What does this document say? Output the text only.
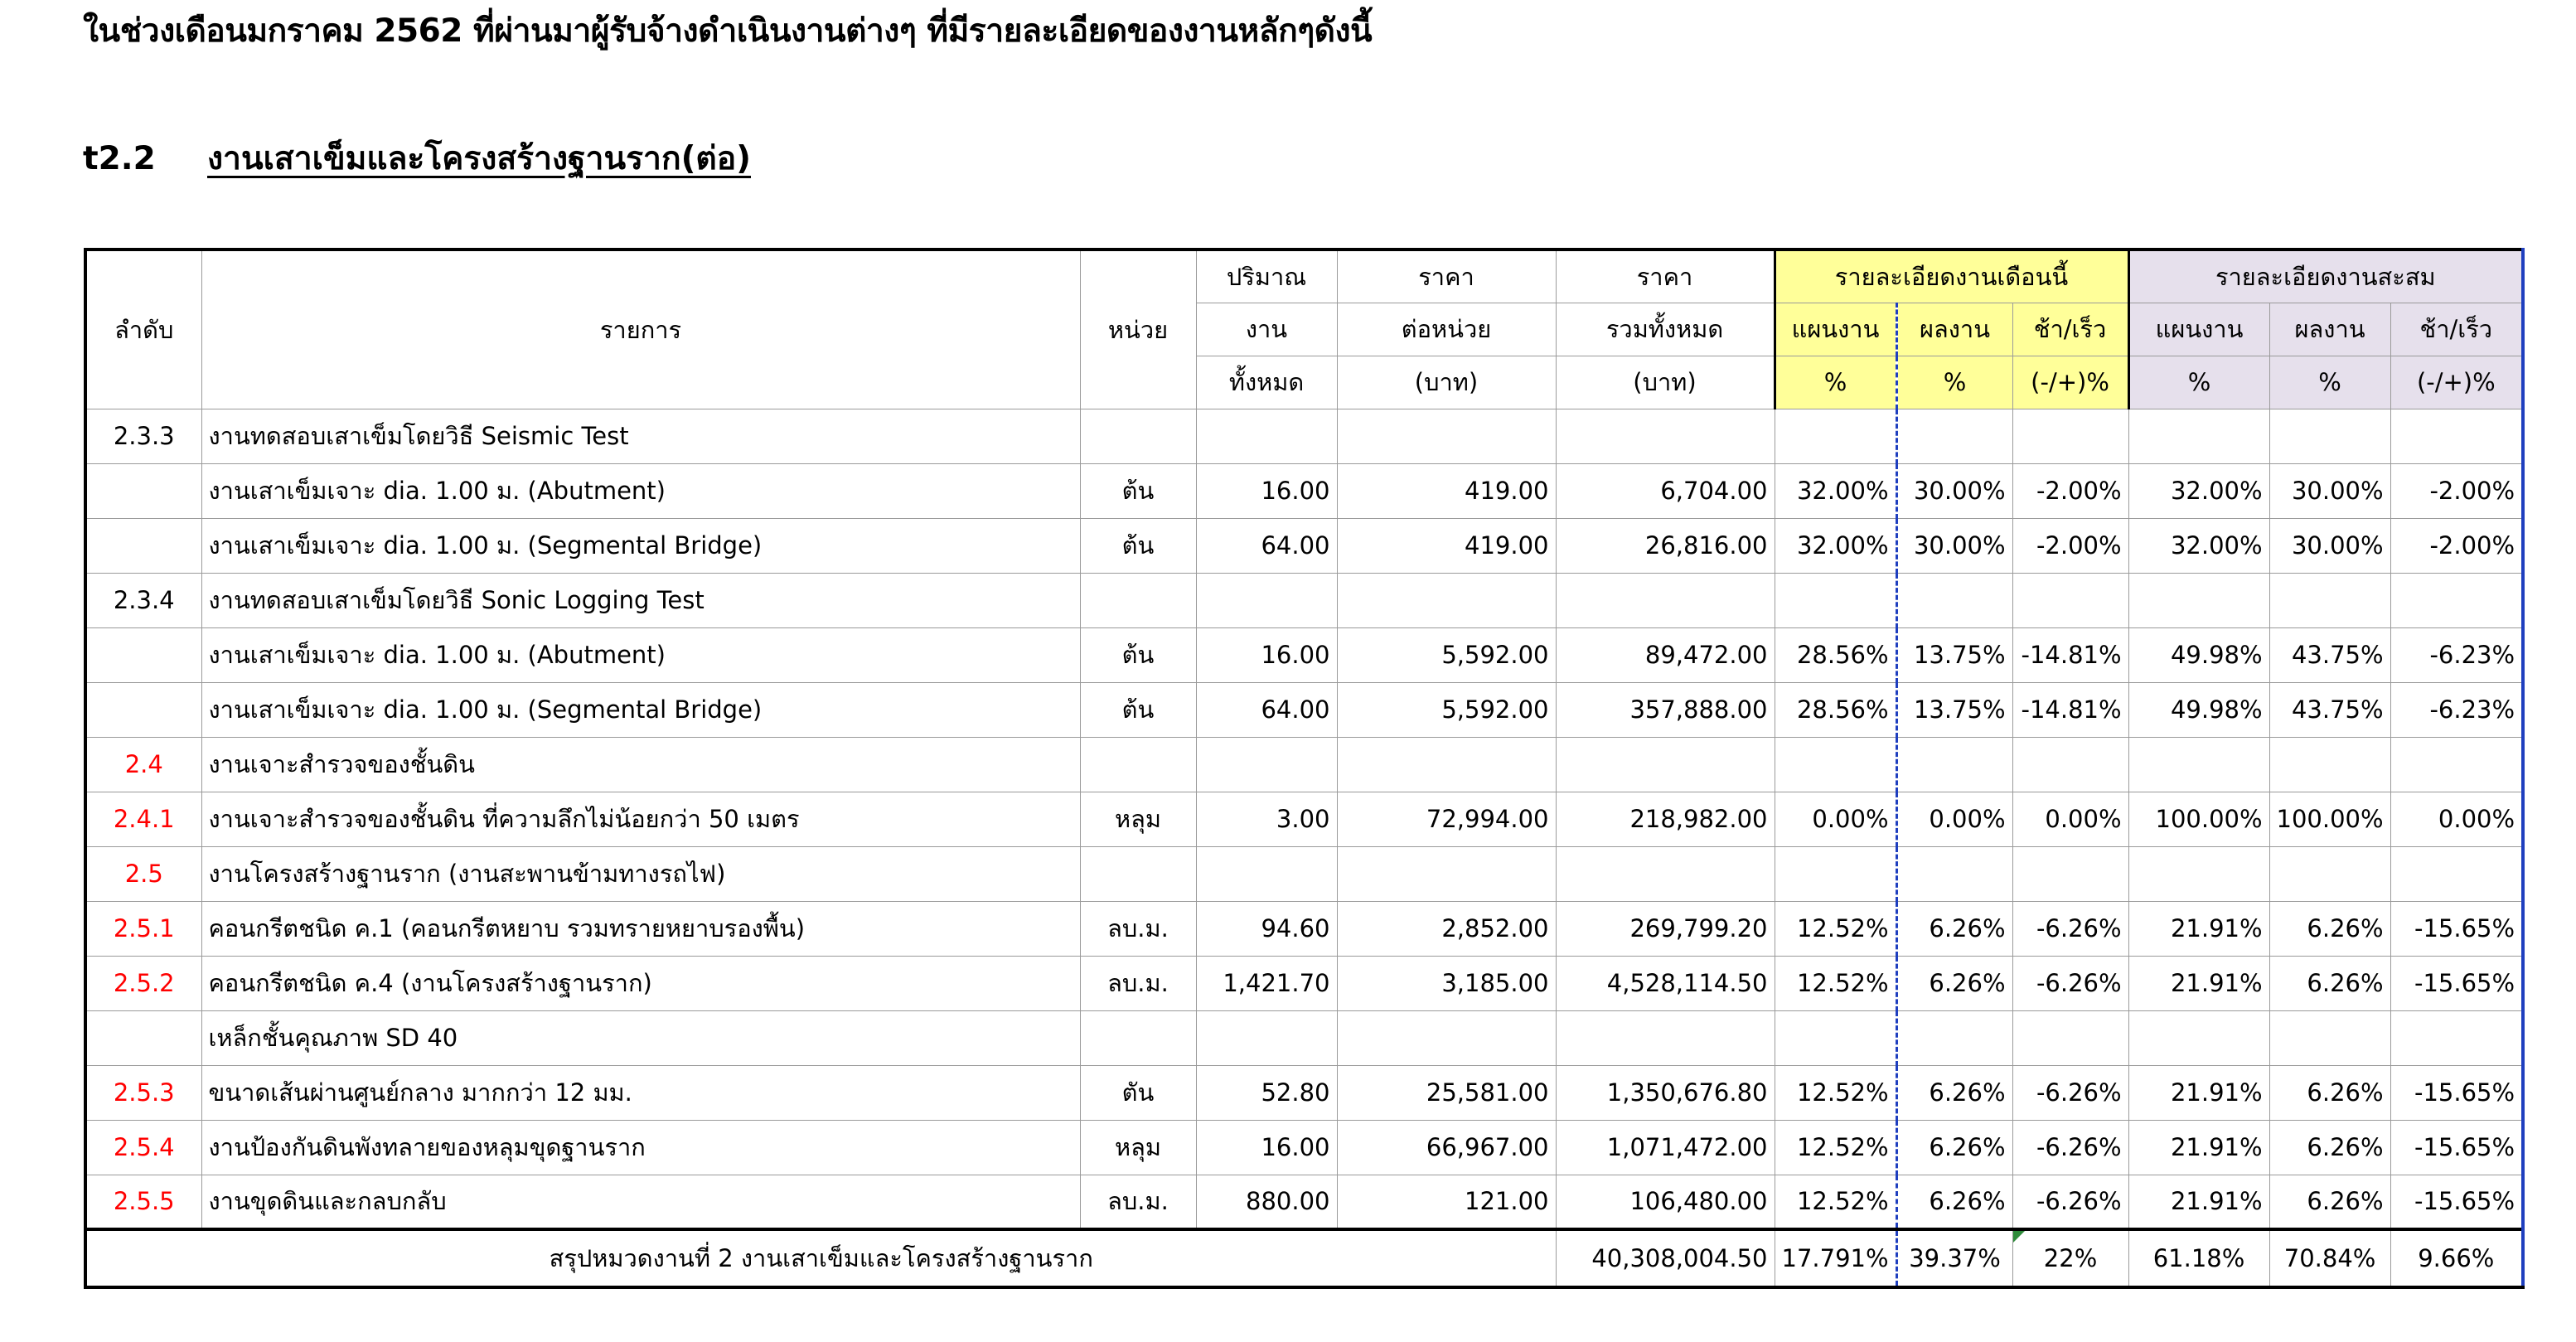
ในช่วงเดือนมกราคม 2562 ที่ผ่านมาผู้รับจ้างดำเนินงานต่างๆ ที่มีรายละเอียดของงานหลักๆดังนี้
t2.2 งานเสาเข็มและโครงสร้างฐานราก(ต่อ)
ลำดับ	รายการ	หน่วย	ปริมาณ	ราคา	ราคา	รายละเอียดงานเดือนนี้			รายละเอียดงานสะสม		
			งาน	ต่อหน่วย	รวมทั้งหมด	แผนงาน	ผลงาน	ช้า/เร็ว	แผนงาน	ผลงาน	ช้า/เร็ว
			ทั้งหมด	(บาท)	(บาท)	%	%	(-/+)%	%	%	(-/+)%
2.3.3	งานทดสอบเสาเข็มโดยวิธี Seismic Test										
	งานเสาเข็มเจาะ dia. 1.00 ม. (Abutment)	ต้น	16.00	419.00	6,704.00	32.00%	30.00%	-2.00%	32.00%	30.00%	-2.00%
	งานเสาเข็มเจาะ dia. 1.00 ม. (Segmental Bridge)	ต้น	64.00	419.00	26,816.00	32.00%	30.00%	-2.00%	32.00%	30.00%	-2.00%
2.3.4	งานทดสอบเสาเข็มโดยวิธี Sonic Logging Test										
	งานเสาเข็มเจาะ dia. 1.00 ม. (Abutment)	ต้น	16.00	5,592.00	89,472.00	28.56%	13.75%	-14.81%	49.98%	43.75%	-6.23%
	งานเสาเข็มเจาะ dia. 1.00 ม. (Segmental Bridge)	ต้น	64.00	5,592.00	357,888.00	28.56%	13.75%	-14.81%	49.98%	43.75%	-6.23%
2.4	งานเจาะสำรวจของชั้นดิน										
2.4.1	งานเจาะสำรวจของชั้นดิน ที่ความลึกไม่น้อยกว่า 50 เมตร	หลุม	3.00	72,994.00	218,982.00	0.00%	0.00%	0.00%	100.00%	100.00%	0.00%
2.5	งานโครงสร้างฐานราก (งานสะพานข้ามทางรถไฟ)										
2.5.1	คอนกรีตชนิด ค.1 (คอนกรีตหยาบ รวมทรายหยาบรองพื้น)	ลบ.ม.	94.60	2,852.00	269,799.20	12.52%	6.26%	-6.26%	21.91%	6.26%	-15.65%
2.5.2	คอนกรีตชนิด ค.4 (งานโครงสร้างฐานราก)	ลบ.ม.	1,421.70	3,185.00	4,528,114.50	12.52%	6.26%	-6.26%	21.91%	6.26%	-15.65%
	เหล็กชั้นคุณภาพ SD 40										
2.5.3	ขนาดเส้นผ่านศูนย์กลาง มากกว่า 12 มม.	ตัน	52.80	25,581.00	1,350,676.80	12.52%	6.26%	-6.26%	21.91%	6.26%	-15.65%
2.5.4	งานป้องกันดินพังทลายของหลุมขุดฐานราก	หลุม	16.00	66,967.00	1,071,472.00	12.52%	6.26%	-6.26%	21.91%	6.26%	-15.65%
2.5.5	งานขุดดินและกลบกลับ	ลบ.ม.	880.00	121.00	106,480.00	12.52%	6.26%	-6.26%	21.91%	6.26%	-15.65%
สรุปหมวดงานที่ 2 งานเสาเข็มและโครงสร้างฐานราก					40,308,004.50	17.791%	39.37%	22%	61.18%	70.84%	9.66%
